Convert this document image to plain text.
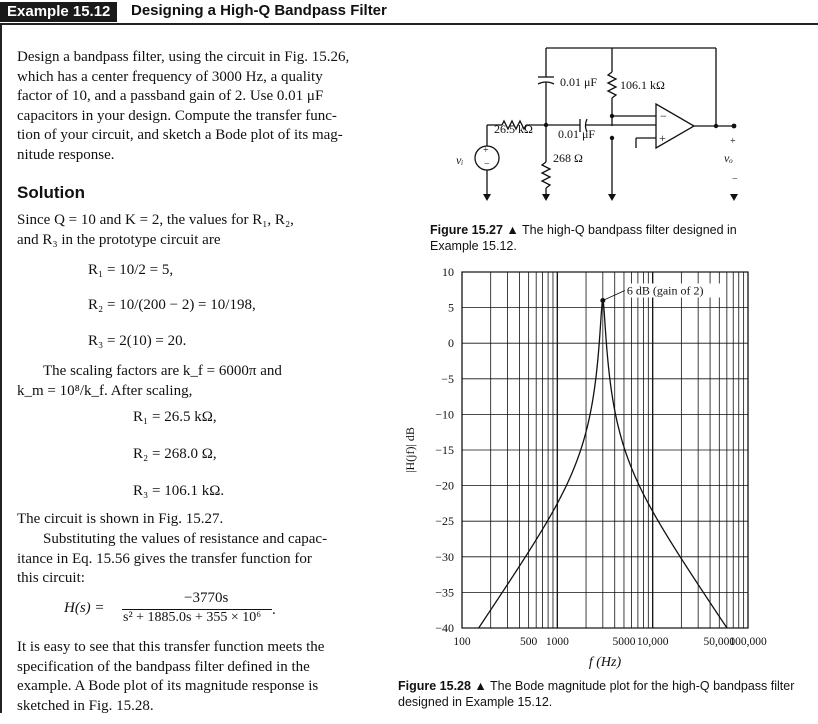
Example 15.12	Designing a High-Q Bandpass Filter
Design a bandpass filter, using the circuit in Fig. 15.26,
which has a center frequency of 3000 Hz, a quality
factor of 10, and a passband gain of 2. Use 0.01 μF
capacitors in your design. Compute the transfer func-
tion of your circuit, and sketch a Bode plot of its mag-
nitude response.
Solution
Since Q = 10 and K = 2, the values for R₁, R₂,
and R₃ in the prototype circuit are
R₁ = 10/2 = 5,
R₂ = 10/(200 − 2) = 10/198,
R₃ = 2(10) = 20.
The scaling factors are k_f = 6000π and
k_m = 10⁸/k_f. After scaling,
R₁ = 26.5 kΩ,
R₂ = 268.0 Ω,
R₃ = 106.1 kΩ.
The circuit is shown in Fig. 15.27.
Substituting the values of resistance and capac-
itance in Eq. 15.56 gives the transfer function for
this circuit:
H(s) =
−3770s
s² + 1885.0s + 355 × 10⁶ .
It is easy to see that this transfer function meets the
specification of the bandpass filter defined in the
example. A Bode plot of its magnitude response is
sketched in Fig. 15.28.
0.01 μF 106.1 kΩ
26.5 kΩ 0.01 μF
268 Ω
vᵢ
+
−
−
+	+
vₒ
−
Figure 15.27 ▲ The high-Q bandpass filter designed in
Example 15.12.
10
5
0
−5
−10
−15
−20
−25
−30
−35
−40
100	500 1000	5000 10,000	50,000
100,000
6 dB (gain of 2)
|H(jf)| dB
f (Hz)
Figure 15.28 ▲ The Bode magnitude plot for the high-Q bandpass filter
designed in Example 15.12.
